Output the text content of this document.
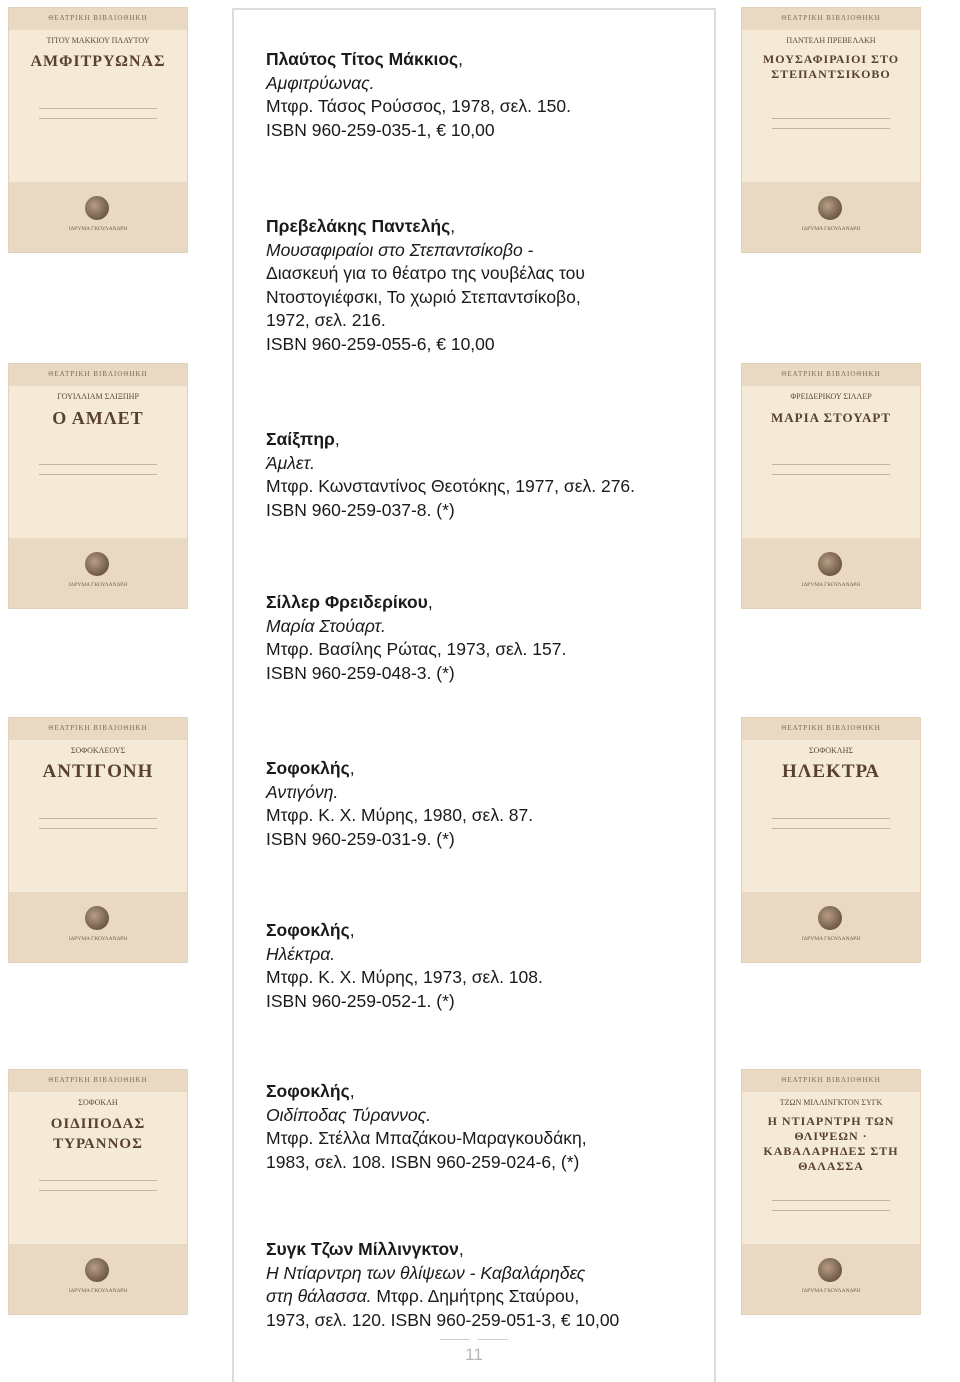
Πλαύτος Τίτος Μάκκιος,
Αμφιτρύωνας.
Μτφρ. Τάσος Ρούσσος, 1978, σελ. 150.
ISBN 960-259-035-1, € 10,00
Πρεβελάκης Παντελής,
Μουσαφιραίοι στο Στεπαντσίκοβο -
Διασκευή για το θέατρο της νουβέλας του
Ντοστογιέφσκι, Το χωριό Στεπαντσίκοβο,
1972, σελ. 216.
ISBN 960-259-055-6, € 10,00
Σαίξπηρ,
Άμλετ.
Μτφρ. Κωνσταντίνος Θεοτόκης, 1977, σελ. 276.
ISBN 960-259-037-8. (*)
Σίλλερ Φρειδερίκου,
Μαρία Στούαρτ.
Μτφρ. Βασίλης Ρώτας, 1973, σελ. 157.
ISBN 960-259-048-3. (*)
Σοφοκλής,
Αντιγόνη.
Μτφρ. Κ. Χ. Μύρης, 1980, σελ. 87.
ISBN 960-259-031-9. (*)
Σοφοκλής,
Ηλέκτρα.
Μτφρ. Κ. Χ. Μύρης, 1973, σελ. 108.
ISBN 960-259-052-1. (*)
Σοφοκλής,
Οιδίποδας Τύραννος.
Μτφρ. Στέλλα Μπαζάκου-Μαραγκουδάκη,
1983, σελ. 108. ISBN 960-259-024-6, (*)
Συγκ Τζων Μίλλινγκτον,
Η Ντίαρντρη των θλίψεων - Καβαλάρηδες
στη θάλασσα. Μτφρ. Δημήτρης Σταύρου,
1973, σελ. 120. ISBN 960-259-051-3, € 10,00
11
ΘΕΑΤΡΙΚΗ ΒΙΒΛΙΟΘΗΚΗ
ΤΙΤΟΥ ΜΑΚΚΙΟΥ ΠΛΑΥΤΟΥ
ΑΜΦΙΤΡΥΩΝΑΣ
ΙΔΡΥΜΑ ΓΚΟΥΛΑΝΔΡΗ
ΘΕΑΤΡΙΚΗ ΒΙΒΛΙΟΘΗΚΗ
ΓΟΥΙΛΛΙΑΜ ΣΑΙΞΠΗΡ
Ο ΑΜΛΕΤ
ΙΔΡΥΜΑ ΓΚΟΥΛΑΝΔΡΗ
ΘΕΑΤΡΙΚΗ ΒΙΒΛΙΟΘΗΚΗ
ΣΟΦΟΚΛΕΟΥΣ
ΑΝΤΙΓΟΝΗ
ΙΔΡΥΜΑ ΓΚΟΥΛΑΝΔΡΗ
ΘΕΑΤΡΙΚΗ ΒΙΒΛΙΟΘΗΚΗ
ΣΟΦΟΚΛΗ
ΟΙΔΙΠΟΔΑΣ ΤΥΡΑΝΝΟΣ
ΙΔΡΥΜΑ ΓΚΟΥΛΑΝΔΡΗ
ΘΕΑΤΡΙΚΗ ΒΙΒΛΙΟΘΗΚΗ
ΠΑΝΤΕΛΗ ΠΡΕΒΕΛΑΚΗ
ΜΟΥΣΑΦΙΡΑΙΟΙ ΣΤΟ ΣΤΕΠΑΝΤΣΙΚΟΒΟ
ΙΔΡΥΜΑ ΓΚΟΥΛΑΝΔΡΗ
ΘΕΑΤΡΙΚΗ ΒΙΒΛΙΟΘΗΚΗ
ΦΡΕΙΔΕΡΙΚΟΥ ΣΙΛΛΕΡ
ΜΑΡΙΑ ΣΤΟΥΑΡΤ
ΙΔΡΥΜΑ ΓΚΟΥΛΑΝΔΡΗ
ΘΕΑΤΡΙΚΗ ΒΙΒΛΙΟΘΗΚΗ
ΣΟΦΟΚΛΗΣ
ΗΛΕΚΤΡΑ
ΙΔΡΥΜΑ ΓΚΟΥΛΑΝΔΡΗ
ΘΕΑΤΡΙΚΗ ΒΙΒΛΙΟΘΗΚΗ
ΤΖΩΝ ΜΙΛΛΙΝΓΚΤΟΝ ΣΥΓΚ
Η ΝΤΙΑΡΝΤΡΗ ΤΩΝ ΘΛΙΨΕΩΝ · ΚΑΒΑΛΑΡΗΔΕΣ ΣΤΗ ΘΑΛΑΣΣΑ
ΙΔΡΥΜΑ ΓΚΟΥΛΑΝΔΡΗ
